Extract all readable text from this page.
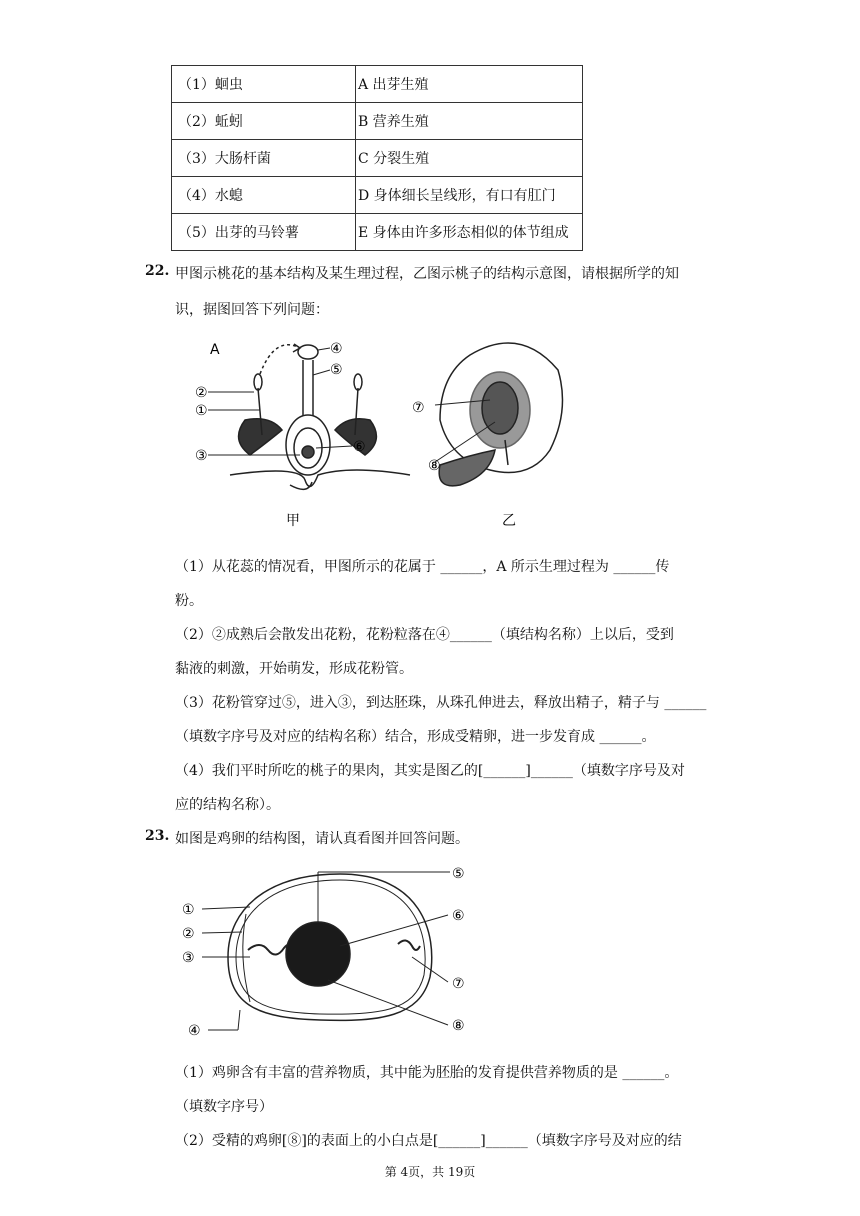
（1）蛔虫	A 出芽生殖
（2）蚯蚓	B 营养生殖
（3）大肠杆菌	C 分裂生殖
（4）水螅	D 身体细长呈线形，有口有肛门
（5）出芽的马铃薯	E 身体由许多形态相似的体节组成
22. 甲图示桃花的基本结构及某生理过程，乙图示桃子的结构示意图，请根据所学的知
识，据图回答下列问题：
A	④
⑤
②
①
③
⑥
⑦
⑧
甲	乙
（1）从花蕊的情况看，甲图所示的花属于 ______，A 所示生理过程为 ______传
粉。
（2）②成熟后会散发出花粉，花粉粒落在④______（填结构名称）上以后，受到
黏液的刺激，开始萌发，形成花粉管。
（3）花粉管穿过⑤，进入③，到达胚珠，从珠孔伸进去，释放出精子，精子与 ______
（填数字序号及对应的结构名称）结合，形成受精卵，进一步发育成 ______。
（4）我们平时所吃的桃子的果肉，其实是图乙的[______]______（填数字序号及对
应的结构名称）。
23. 如图是鸡卵的结构图，请认真看图并回答问题。
①
②
③
④
⑤
⑥
⑦
⑧
（1）鸡卵含有丰富的营养物质，其中能为胚胎的发育提供营养物质的是 ______。
（填数字序号）
（2）受精的鸡卵[⑧]的表面上的小白点是[______]______（填数字序号及对应的结
第 4页，共 19页
